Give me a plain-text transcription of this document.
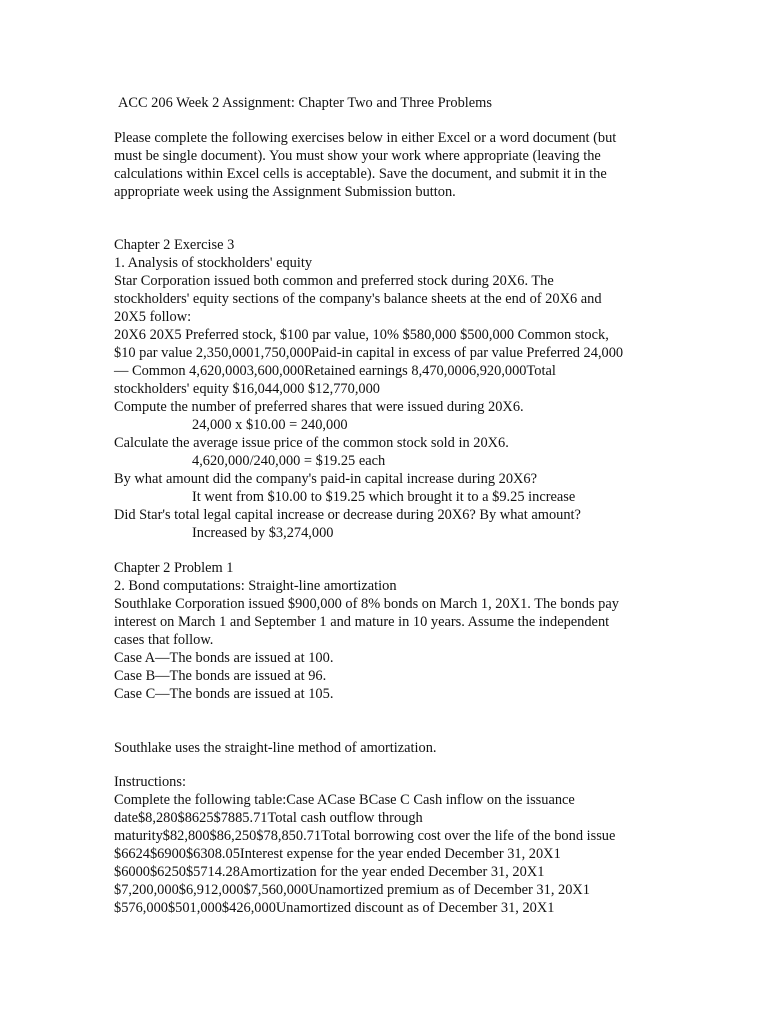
ACC 206 Week 2 Assignment: Chapter Two and Three Problems
Please complete the following exercises below in either Excel or a word document (but
must be single document). You must show your work where appropriate (leaving the
calculations within Excel cells is acceptable). Save the document, and submit it in the
appropriate week using the Assignment Submission button.
Chapter 2 Exercise 3
1. Analysis of stockholders' equity
Star Corporation issued both common and preferred stock during 20X6. The
stockholders' equity sections of the company's balance sheets at the end of 20X6 and
20X5 follow:
20X6 20X5 Preferred stock, $100 par value, 10% $580,000 $500,000 Common stock,
$10 par value 2,350,0001,750,000Paid-in capital in excess of par value Preferred 24,000
— Common 4,620,0003,600,000Retained earnings 8,470,0006,920,000Total
stockholders' equity $16,044,000 $12,770,000
Compute the number of preferred shares that were issued during 20X6.
24,000 x $10.00 = 240,000
Calculate the average issue price of the common stock sold in 20X6.
4,620,000/240,000 = $19.25 each
By what amount did the company's paid-in capital increase during 20X6?
It went from $10.00 to $19.25 which brought it to a $9.25 increase
Did Star's total legal capital increase or decrease during 20X6? By what amount?
Increased by $3,274,000
Chapter 2 Problem 1
2. Bond computations: Straight-line amortization
Southlake Corporation issued $900,000 of 8% bonds on March 1, 20X1. The bonds pay
interest on March 1 and September 1 and mature in 10 years. Assume the independent
cases that follow.
Case A—The bonds are issued at 100.
Case B—The bonds are issued at 96.
Case C—The bonds are issued at 105.
Southlake uses the straight-line method of amortization.
Instructions:
Complete the following table:Case ACase BCase C Cash inflow on the issuance
date$8,280$8625$7885.71Total cash outflow through
maturity$82,800$86,250$78,850.71Total borrowing cost over the life of the bond issue
$6624$6900$6308.05Interest expense for the year ended December 31, 20X1
$6000$6250$5714.28Amortization for the year ended December 31, 20X1
$7,200,000$6,912,000$7,560,000Unamortized premium as of December 31, 20X1
$576,000$501,000$426,000Unamortized discount as of December 31, 20X1
